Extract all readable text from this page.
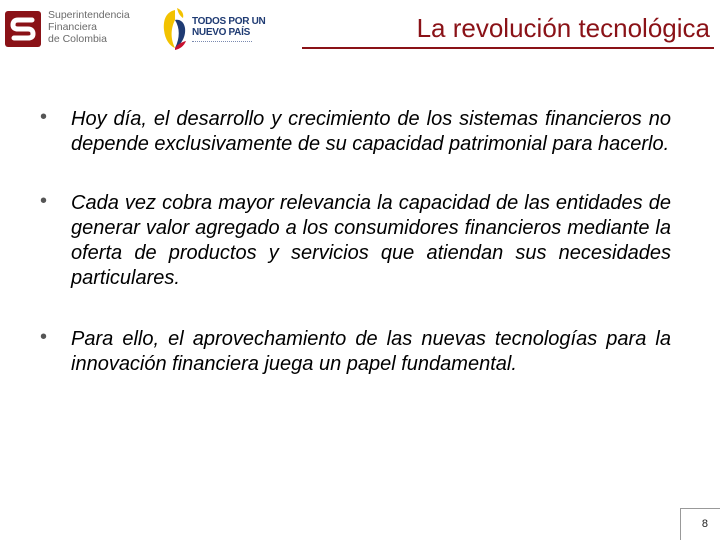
Superintendencia
Financiera
de Colombia
TODOS POR UN
NUEVO PAÍS	La revolución tecnológica

• Hoy día, el desarrollo y crecimiento de los sistemas financieros no depende exclusivamente de su capacidad patrimonial para hacerlo.

• Cada vez cobra mayor relevancia la capacidad de las entidades de generar valor agregado a los consumidores financieros mediante la oferta de productos y servicios que atiendan sus necesidades particulares.

• Para ello, el aprovechamiento de las nuevas tecnologías para la innovación financiera juega un papel fundamental.

8
